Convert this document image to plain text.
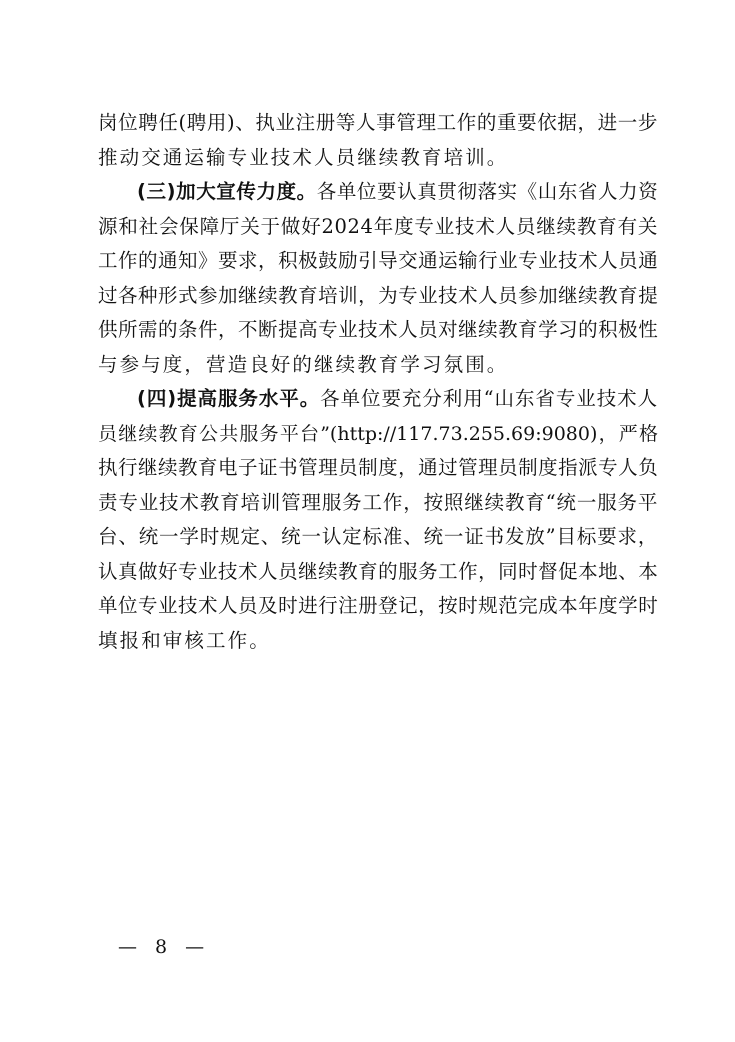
岗位聘任(聘用)、执业注册等人事管理工作的重要依据，进一步
推动交通运输专业技术人员继续教育培训。
(三)加大宣传力度。各单位要认真贯彻落实《山东省人力资
源和社会保障厅关于做好2024年度专业技术人员继续教育有关
工作的通知》要求，积极鼓励引导交通运输行业专业技术人员通
过各种形式参加继续教育培训，为专业技术人员参加继续教育提
供所需的条件，不断提高专业技术人员对继续教育学习的积极性
与参与度，营造良好的继续教育学习氛围。
(四)提高服务水平。各单位要充分利用“山东省专业技术人
员继续教育公共服务平台”(http://117.73.255.69:9080)，严格
执行继续教育电子证书管理员制度，通过管理员制度指派专人负
责专业技术教育培训管理服务工作，按照继续教育“统一服务平
台、统一学时规定、统一认定标准、统一证书发放”目标要求，
认真做好专业技术人员继续教育的服务工作，同时督促本地、本
单位专业技术人员及时进行注册登记，按时规范完成本年度学时
填报和审核工作。
— 8 —
